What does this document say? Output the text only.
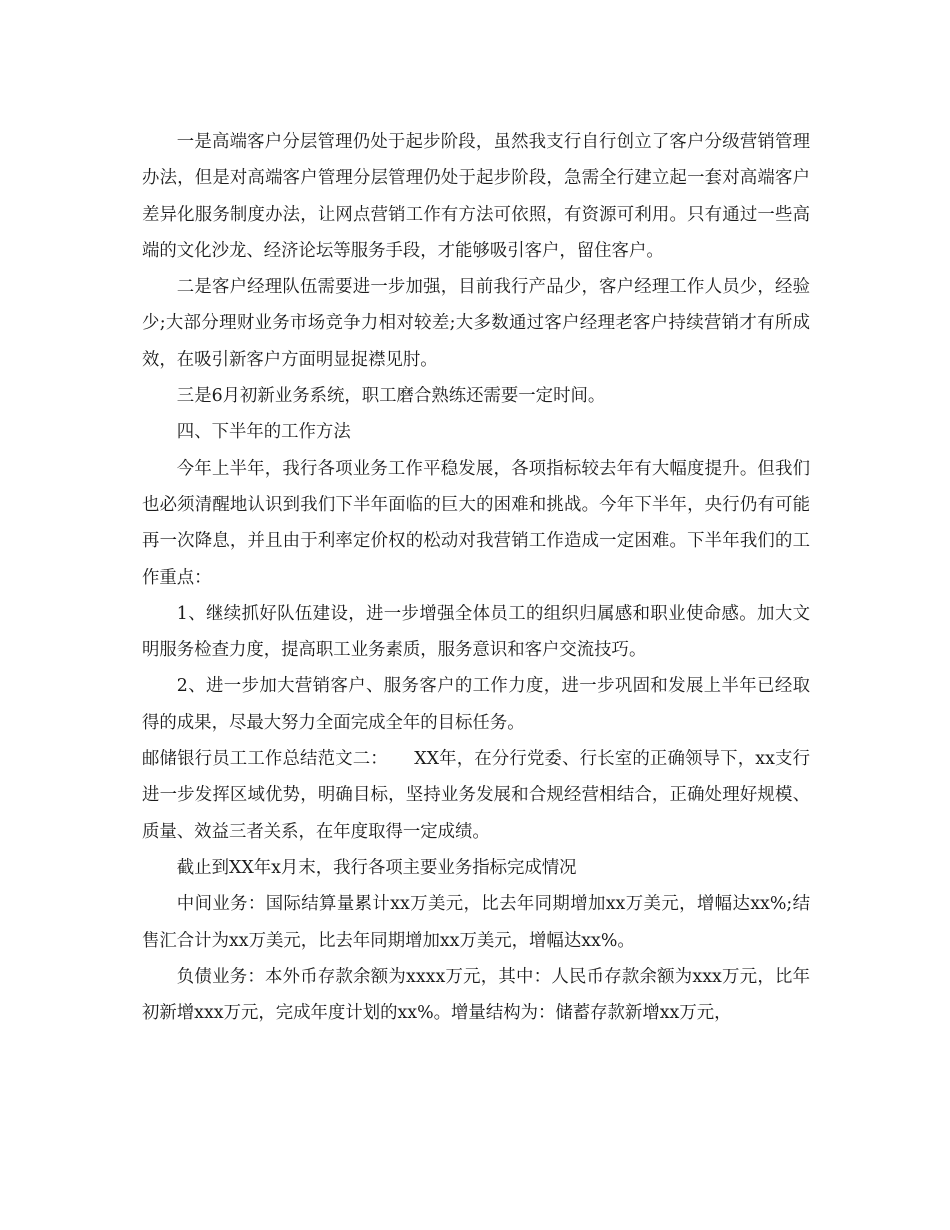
一是高端客户分层管理仍处于起步阶段，虽然我支行自行创立了客户分级营销管理办法，但是对高端客户管理分层管理仍处于起步阶段，急需全行建立起一套对高端客户差异化服务制度办法，让网点营销工作有方法可依照，有资源可利用。只有通过一些高端的文化沙龙、经济论坛等服务手段，才能够吸引客户，留住客户。

二是客户经理队伍需要进一步加强，目前我行产品少，客户经理工作人员少，经验少;大部分理财业务市场竞争力相对较差;大多数通过客户经理老客户持续营销才有所成效，在吸引新客户方面明显捉襟见肘。

三是6月初新业务系统，职工磨合熟练还需要一定时间。

四、下半年的工作方法

今年上半年，我行各项业务工作平稳发展，各项指标较去年有大幅度提升。但我们也必须清醒地认识到我们下半年面临的巨大的困难和挑战。今年下半年，央行仍有可能再一次降息，并且由于利率定价权的松动对我营销工作造成一定困难。下半年我们的工作重点：

1、继续抓好队伍建设，进一步增强全体员工的组织归属感和职业使命感。加大文明服务检查力度，提高职工业务素质，服务意识和客户交流技巧。

2、进一步加大营销客户、服务客户的工作力度，进一步巩固和发展上半年已经取得的成果，尽最大努力全面完成全年的目标任务。

邮储银行员工工作总结范文二：　　XX年，在分行党委、行长室的正确领导下，xx支行进一步发挥区域优势，明确目标，坚持业务发展和合规经营相结合，正确处理好规模、质量、效益三者关系，在年度取得一定成绩。

截止到XX年x月末，我行各项主要业务指标完成情况

中间业务：国际结算量累计xx万美元，比去年同期增加xx万美元，增幅达xx%;结售汇合计为xx万美元，比去年同期增加xx万美元，增幅达xx%。

负债业务：本外币存款余额为xxxx万元，其中：人民币存款余额为xxx万元，比年初新增xxx万元，完成年度计划的xx%。增量结构为：储蓄存款新增xx万元，
